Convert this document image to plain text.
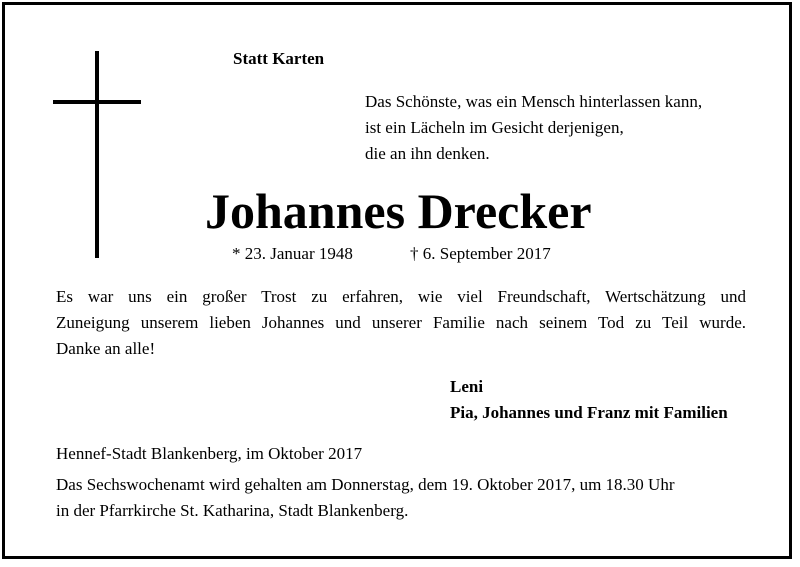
Statt Karten
Das Schönste, was ein Mensch hinterlassen kann,
ist ein Lächeln im Gesicht derjenigen,
die an ihn denken.
Johannes Drecker
* 23. Januar 1948	† 6. September 2017
Es war uns ein großer Trost zu erfahren, wie viel Freundschaft, Wertschätzung und
Zuneigung unserem lieben Johannes und unserer Familie nach seinem Tod zu Teil wurde.
Danke an alle!
Leni
Pia, Johannes und Franz mit Familien
Hennef-Stadt Blankenberg, im Oktober 2017
Das Sechswochenamt wird gehalten am Donnerstag, dem 19. Oktober 2017, um 18.30 Uhr
in der Pfarrkirche St. Katharina, Stadt Blankenberg.
